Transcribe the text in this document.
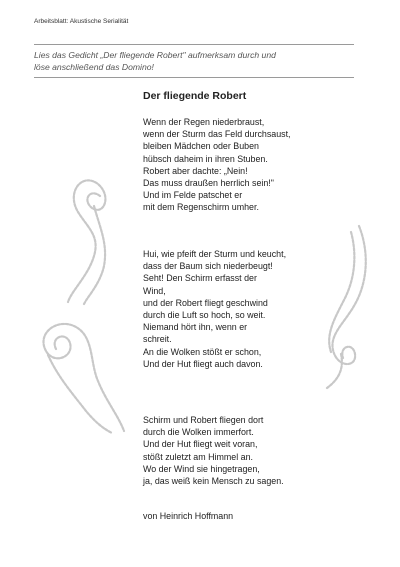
Arbeitsblatt: Akustische Serialität
Lies das Gedicht „Der fliegende Robert" aufmerksam durch und
löse anschließend das Domino!
Der fliegende Robert
Wenn der Regen niederbraust,
wenn der Sturm das Feld durchsaust,
bleiben Mädchen oder Buben
hübsch daheim in ihren Stuben.
Robert aber dachte: „Nein!
Das muss draußen herrlich sein!"
Und im Felde patschet er
mit dem Regenschirm umher.
Hui, wie pfeift der Sturm und keucht,
dass der Baum sich niederbeugt!
Seht! Den Schirm erfasst der
Wind,
und der Robert fliegt geschwind
durch die Luft so hoch, so weit.
Niemand hört ihn, wenn er
schreit.
An die Wolken stößt er schon,
Und der Hut fliegt auch davon.
Schirm und Robert fliegen dort
durch die Wolken immerfort.
Und der Hut fliegt weit voran,
stößt zuletzt am Himmel an.
Wo der Wind sie hingetragen,
ja, das weiß kein Mensch zu sagen.
von Heinrich Hoffmann
